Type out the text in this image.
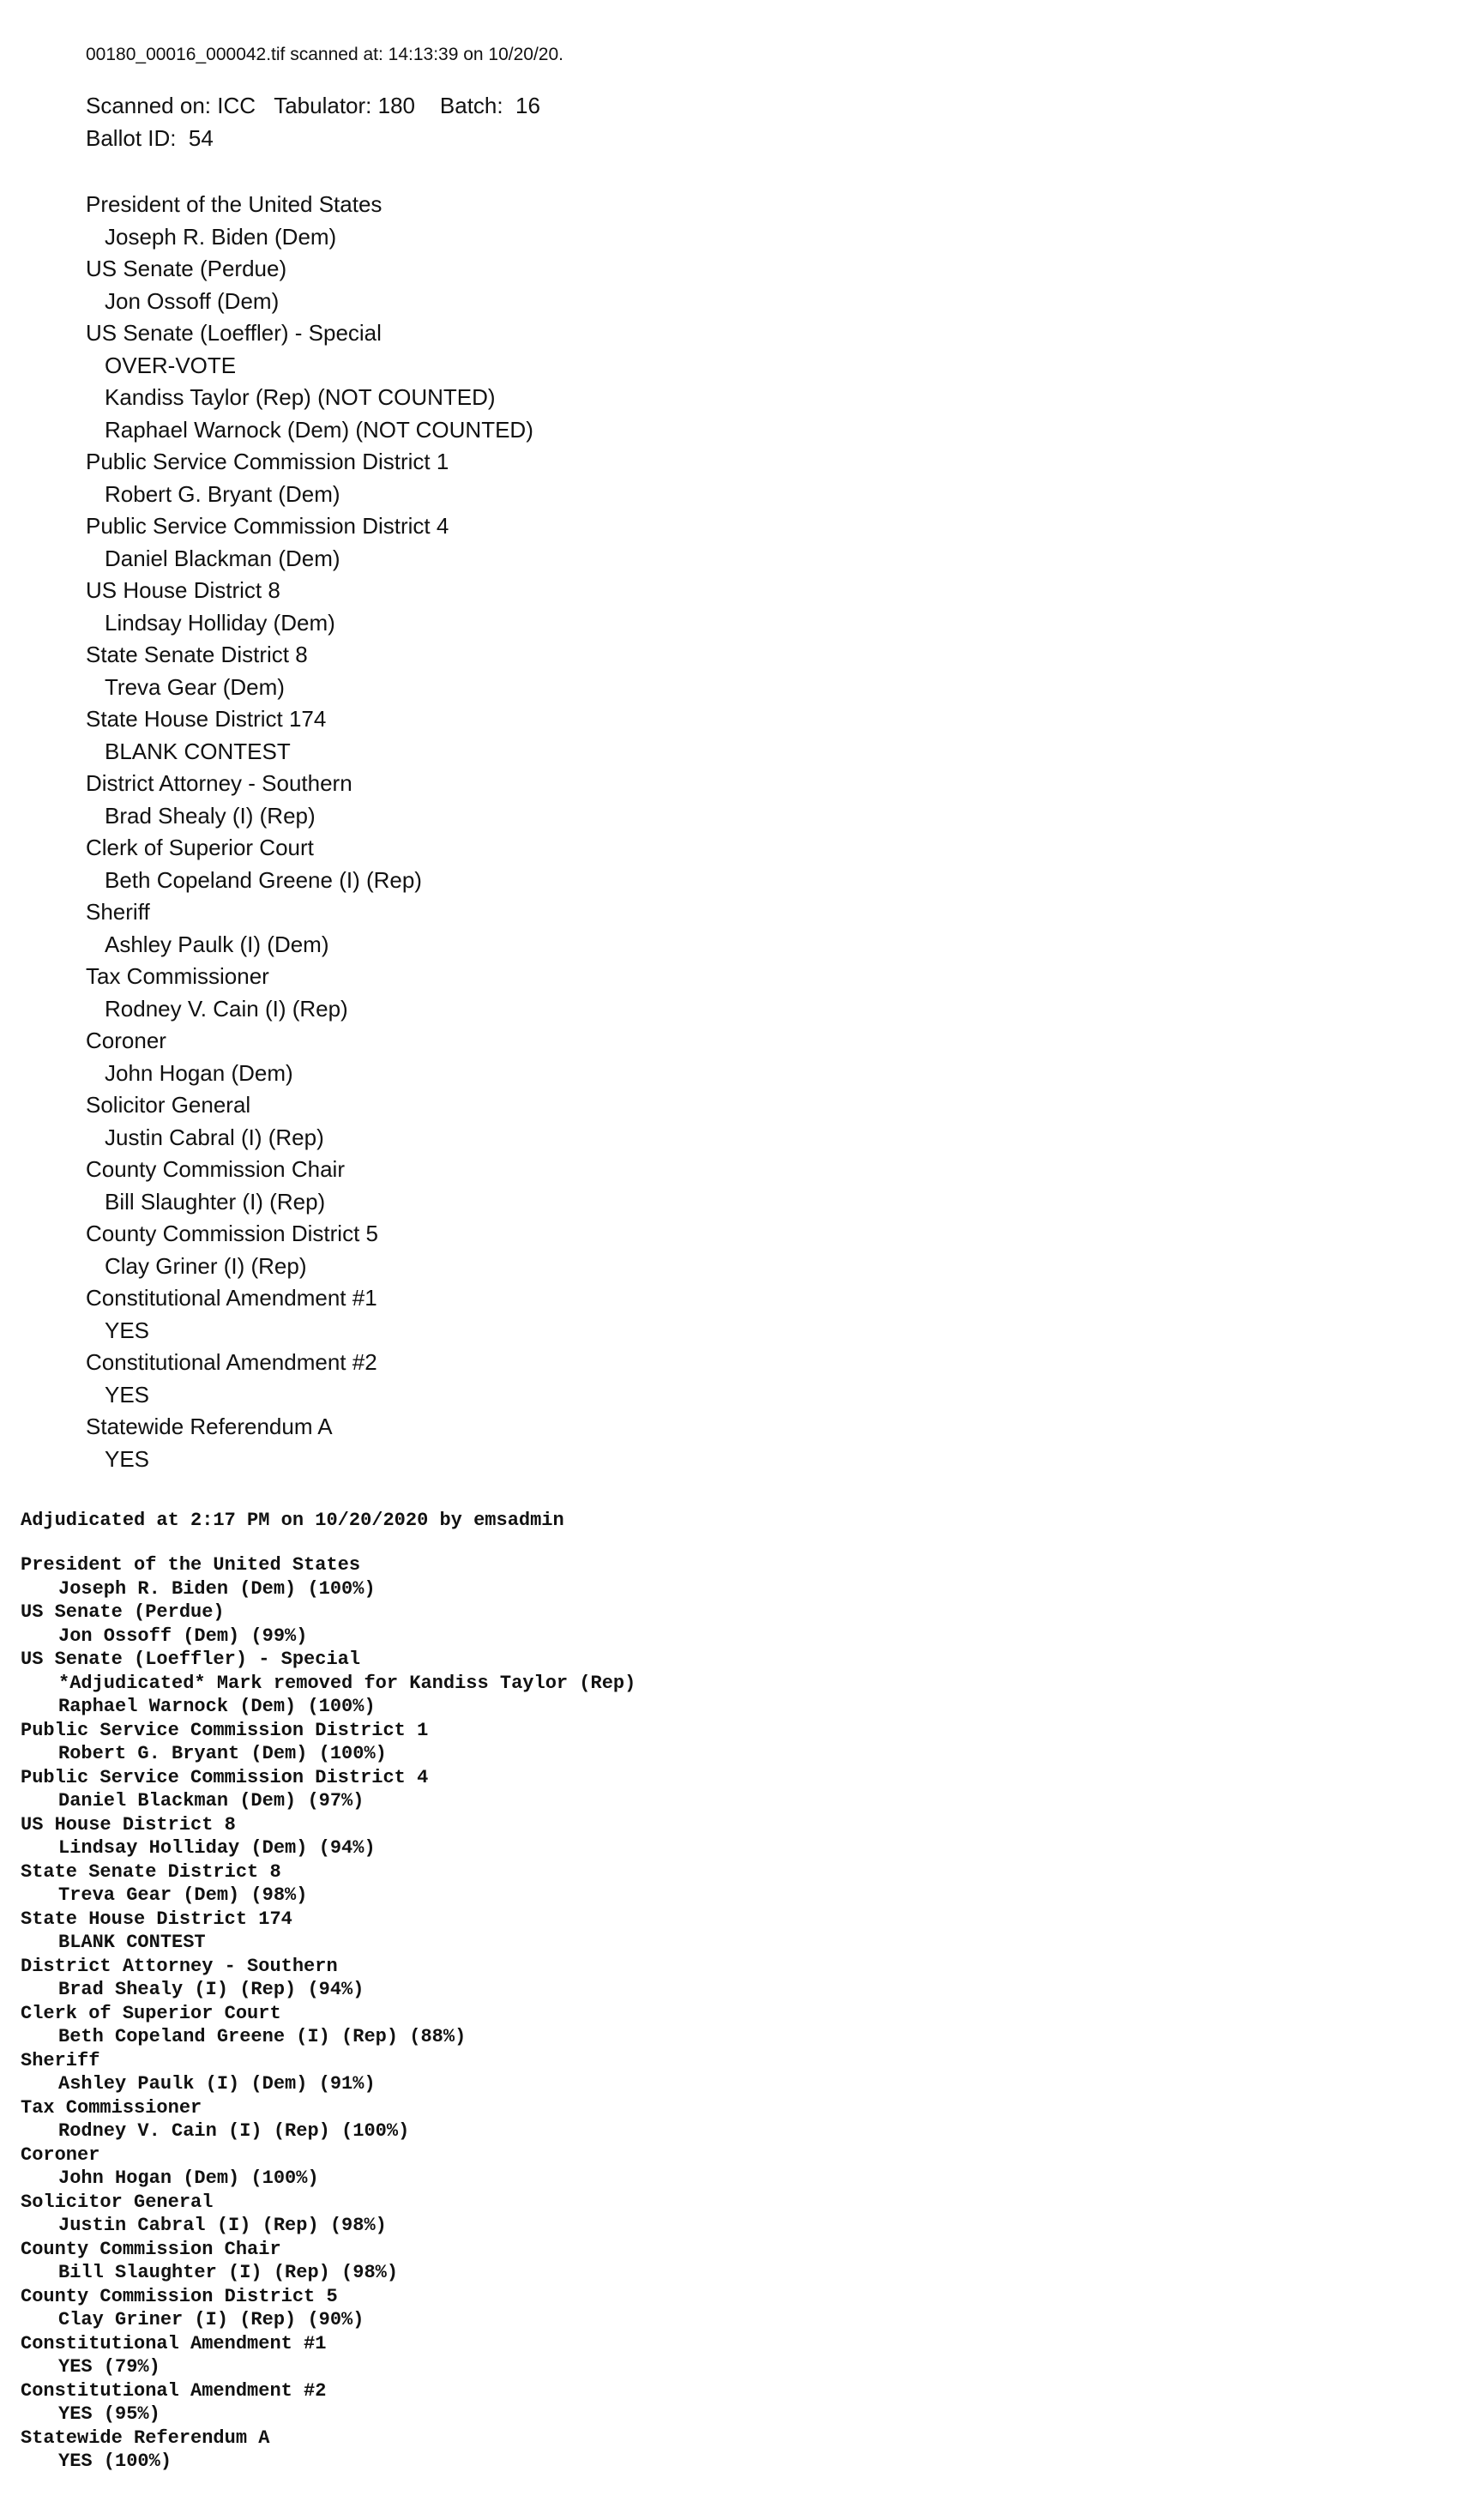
00180_00016_000042.tif scanned at: 14:13:39 on 10/20/20.
Scanned on: ICC   Tabulator: 180    Batch:  16
Ballot ID:  54
President of the United States
Joseph R. Biden (Dem)
US Senate (Perdue)
Jon Ossoff (Dem)
US Senate (Loeffler) - Special
OVER-VOTE
Kandiss Taylor (Rep) (NOT COUNTED)
Raphael Warnock (Dem) (NOT COUNTED)
Public Service Commission District 1
Robert G. Bryant (Dem)
Public Service Commission District 4
Daniel Blackman (Dem)
US House District 8
Lindsay Holliday (Dem)
State Senate District 8
Treva Gear (Dem)
State House District 174
BLANK CONTEST
District Attorney - Southern
Brad Shealy (I) (Rep)
Clerk of Superior Court
Beth Copeland Greene (I) (Rep)
Sheriff
Ashley Paulk (I) (Dem)
Tax Commissioner
Rodney V. Cain (I) (Rep)
Coroner
John Hogan (Dem)
Solicitor General
Justin Cabral (I) (Rep)
County Commission Chair
Bill Slaughter (I) (Rep)
County Commission District 5
Clay Griner (I) (Rep)
Constitutional Amendment #1
YES
Constitutional Amendment #2
YES
Statewide Referendum A
YES
Adjudicated at 2:17 PM on 10/20/2020 by emsadmin
President of the United States
Joseph R. Biden (Dem) (100%)
US Senate (Perdue)
Jon Ossoff (Dem) (99%)
US Senate (Loeffler) - Special
*Adjudicated* Mark removed for Kandiss Taylor (Rep)
Raphael Warnock (Dem) (100%)
Public Service Commission District 1
Robert G. Bryant (Dem) (100%)
Public Service Commission District 4
Daniel Blackman (Dem) (97%)
US House District 8
Lindsay Holliday (Dem) (94%)
State Senate District 8
Treva Gear (Dem) (98%)
State House District 174
BLANK CONTEST
District Attorney - Southern
Brad Shealy (I) (Rep) (94%)
Clerk of Superior Court
Beth Copeland Greene (I) (Rep) (88%)
Sheriff
Ashley Paulk (I) (Dem) (91%)
Tax Commissioner
Rodney V. Cain (I) (Rep) (100%)
Coroner
John Hogan (Dem) (100%)
Solicitor General
Justin Cabral (I) (Rep) (98%)
County Commission Chair
Bill Slaughter (I) (Rep) (98%)
County Commission District 5
Clay Griner (I) (Rep) (90%)
Constitutional Amendment #1
YES (79%)
Constitutional Amendment #2
YES (95%)
Statewide Referendum A
YES (100%)
